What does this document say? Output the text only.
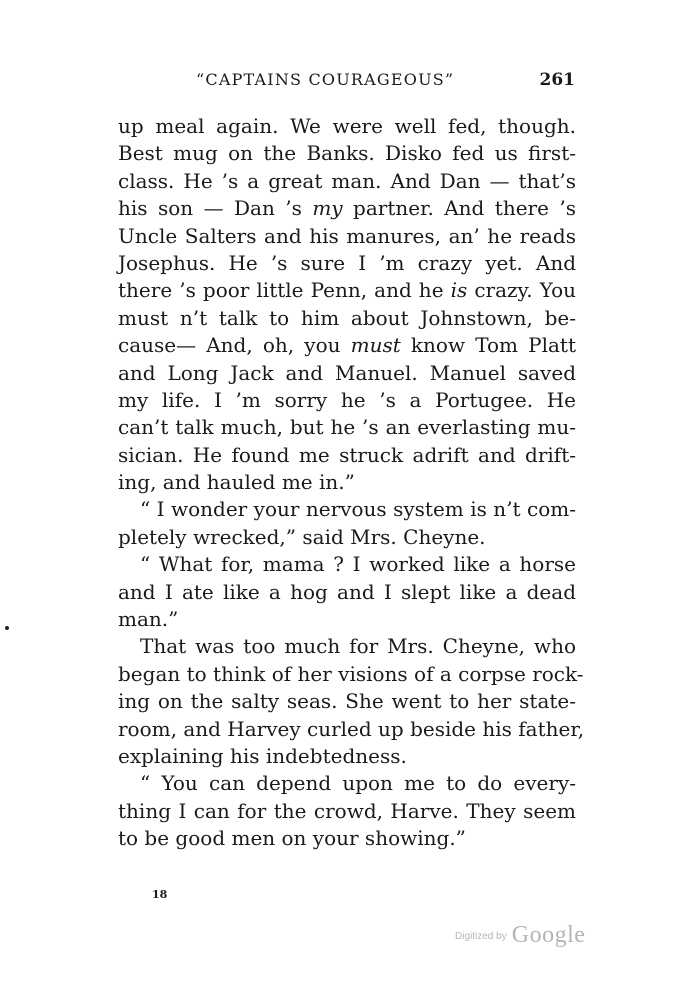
“CAPTAINS COURAGEOUS”	261
up meal again. We were well fed, though.
Best mug on the Banks. Disko fed us first-
class. He ’s a great man. And Dan — that’s
his son — Dan ’s my partner. And there ’s
Uncle Salters and his manures, an’ he reads
Josephus. He ’s sure I ’m crazy yet. And
there ’s poor little Penn, and he is crazy. You
must n’t talk to him about Johnstown, be-
cause— And, oh, you must know Tom Platt
and Long Jack and Manuel. Manuel saved
my life. I ’m sorry he ’s a Portugee. He
can’t talk much, but he ’s an everlasting mu-
sician. He found me struck adrift and drift-
ing, and hauled me in.”
“ I wonder your nervous system is n’t com-
pletely wrecked,” said Mrs. Cheyne.
“ What for, mama ? I worked like a horse
and I ate like a hog and I slept like a dead
man.”
That was too much for Mrs. Cheyne, who
began to think of her visions of a corpse rock-
ing on the salty seas. She went to her state-
room, and Harvey curled up beside his father,
explaining his indebtedness.
“ You can depend upon me to do every-
thing I can for the crowd, Harve. They seem
to be good men on your showing.”
18
Digitized by Google
